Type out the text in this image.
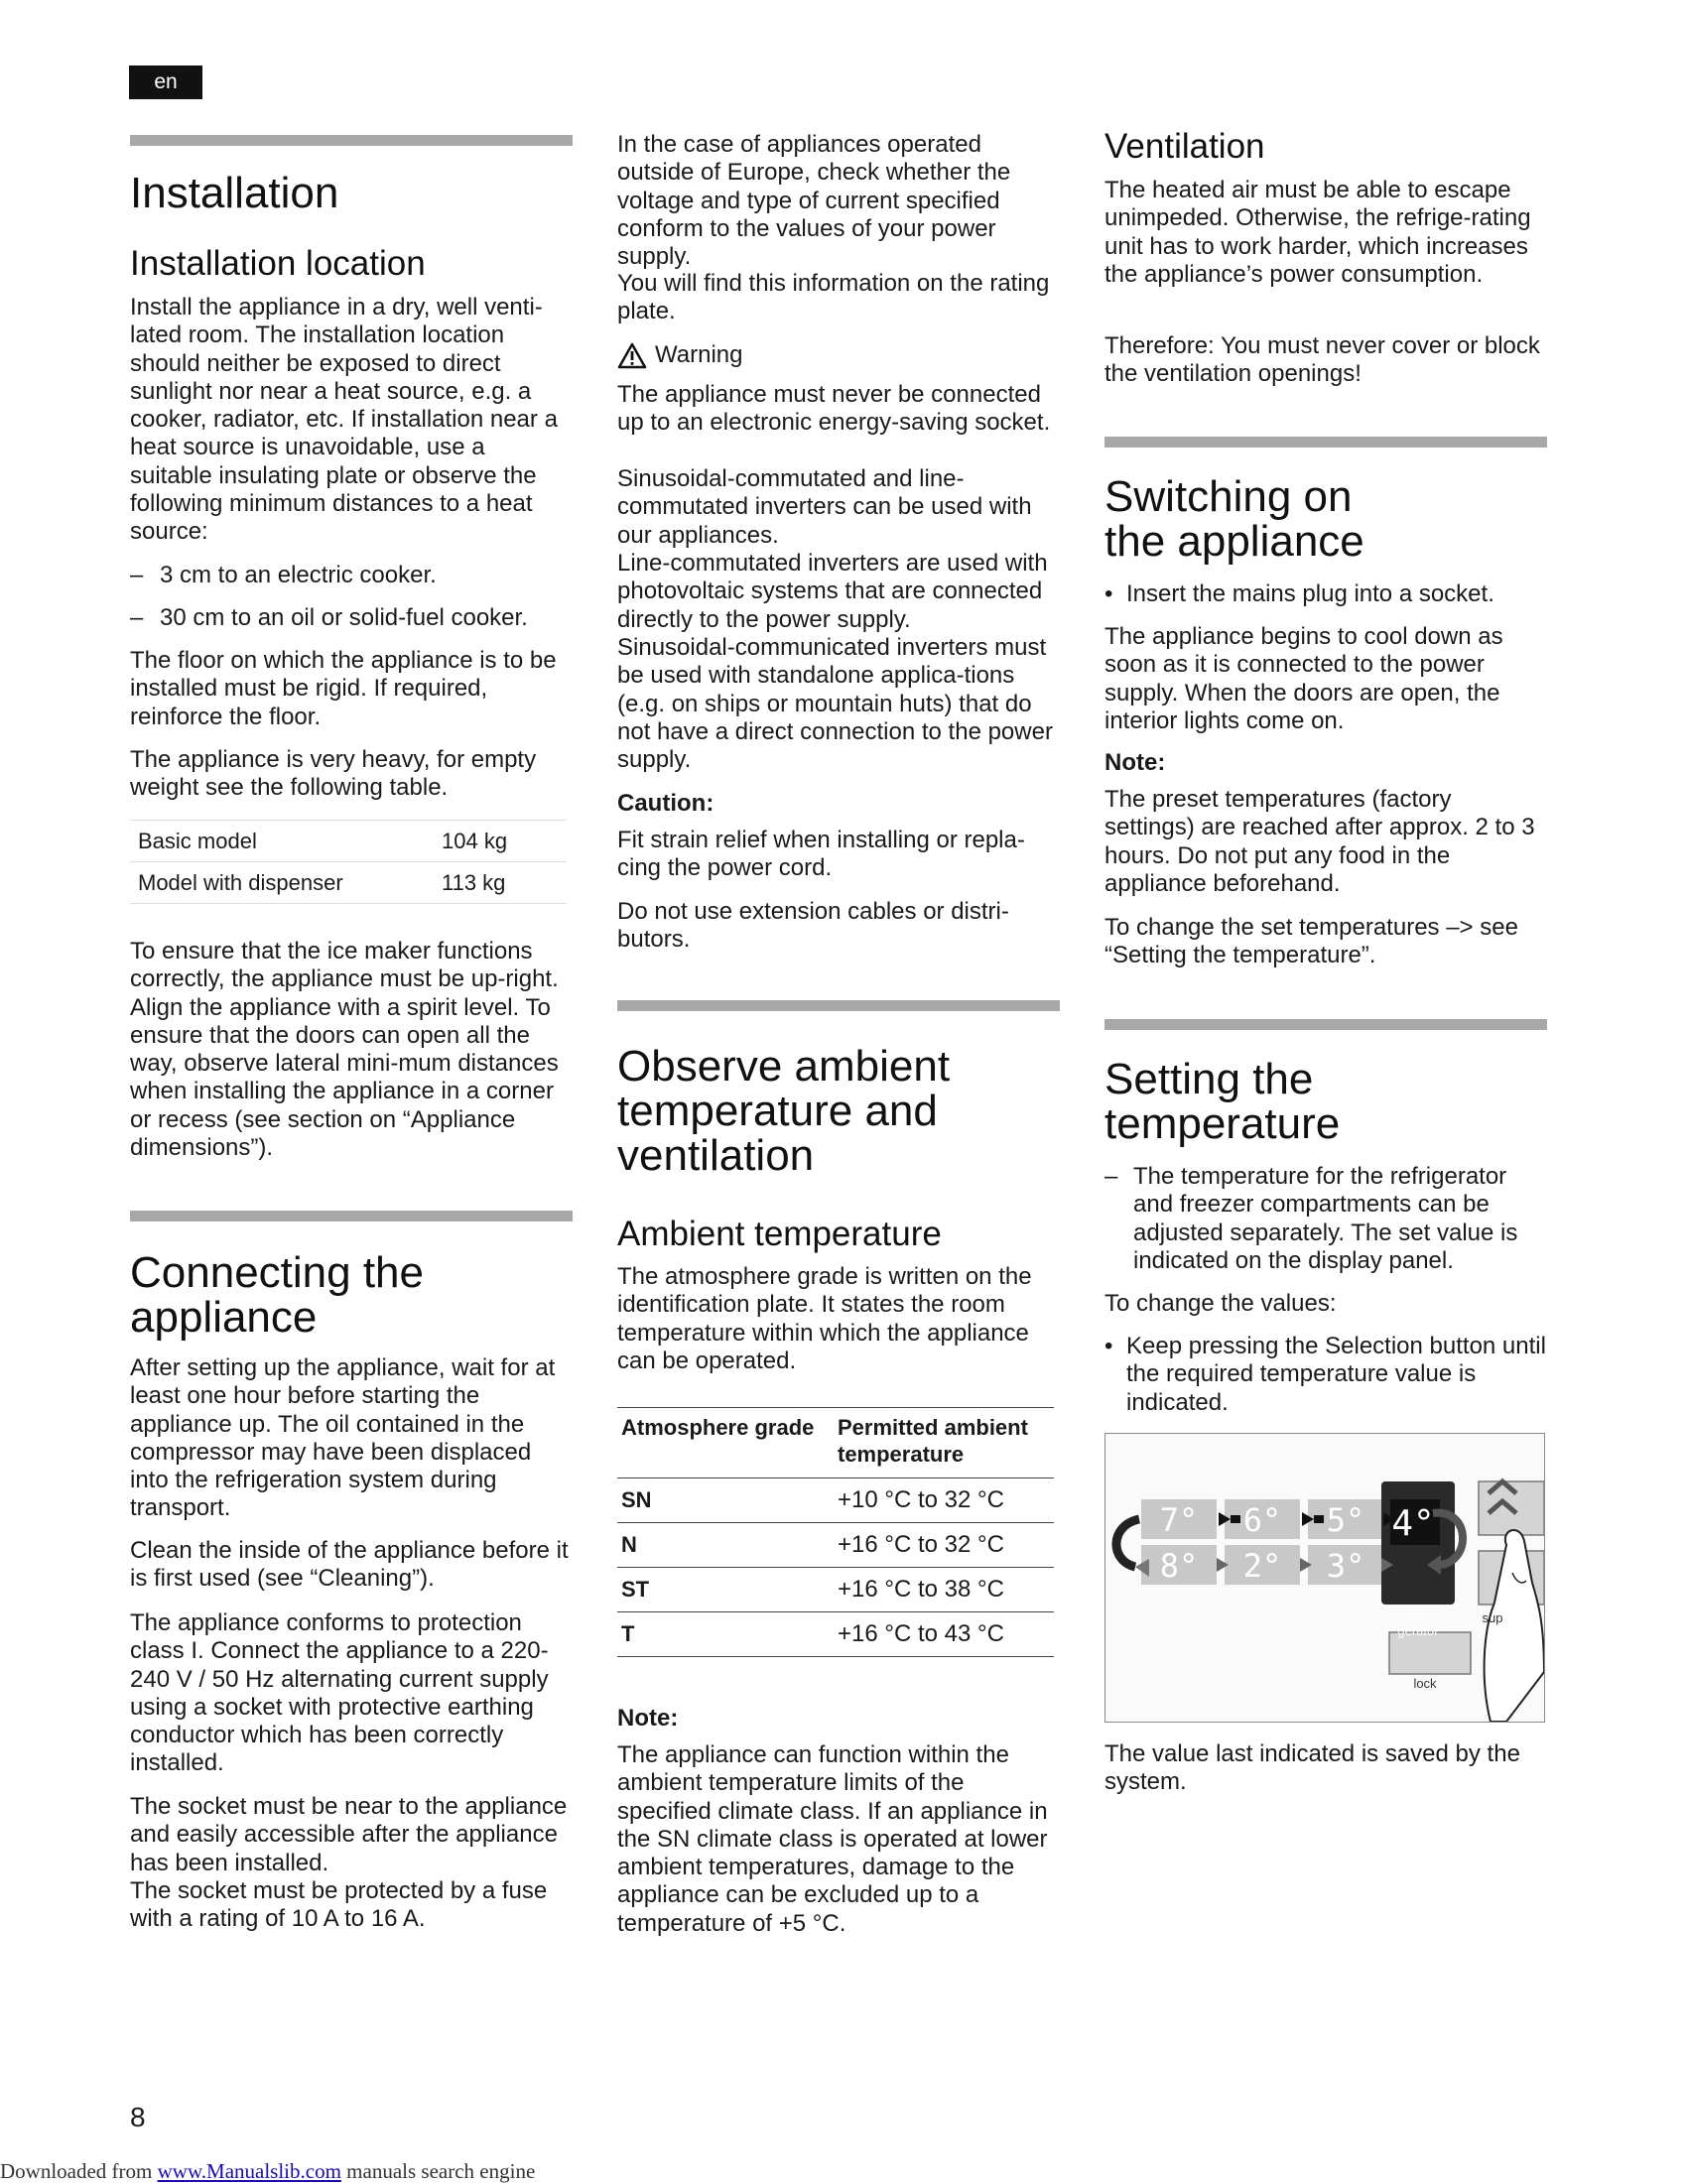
en
Installation
Installation location

Install the appliance in a dry, well venti-lated room. The installation location should neither be exposed to direct sunlight nor near a heat source, e.g. a cooker, radiator, etc. If installation near a heat source is unavoidable, use a suitable insulating plate or observe the following minimum distances to a heat source:

– 3 cm to an electric cooker.
– 30 cm to an oil or solid-fuel cooker.

The floor on which the appliance is to be installed must be rigid. If required, reinforce the floor.

The appliance is very heavy, for empty weight see the following table.

Basic model	104 kg
Model with dispenser	113 kg

To ensure that the ice maker functions correctly, the appliance must be up-right. Align the appliance with a spirit level. To ensure that the doors can open all the way, observe lateral mini-mum distances when installing the appliance in a corner or recess (see section on “Appliance dimensions”).

Connecting the
appliance

After setting up the appliance, wait for at least one hour before starting the appliance up. The oil contained in the compressor may have been displaced into the refrigeration system during transport.

Clean the inside of the appliance before it is first used (see “Cleaning”).

The appliance conforms to protection class I. Connect the appliance to a 220-240 V / 50 Hz alternating current supply using a socket with protective earthing conductor which has been correctly installed.

The socket must be near to the appliance and easily accessible after the appliance has been installed.

The socket must be protected by a fuse with a rating of 10 A to 16 A.

In the case of appliances operated outside of Europe, check whether the voltage and type of current specified conform to the values of your power supply.

You will find this information on the rating plate.

Warning

The appliance must never be connected up to an electronic energy-saving socket.

Sinusoidal-commutated and line-commutated inverters can be used with our appliances.

Line-commutated inverters are used with photovoltaic systems that are connected directly to the power supply.

Sinusoidal-communicated inverters must be used with standalone applica-tions (e.g. on ships or mountain huts) that do not have a direct connection to the power supply.

Caution:

Fit strain relief when installing or repla-cing the power cord.

Do not use extension cables or distri-butors.

Observe ambient
temperature and
ventilation
Ambient temperature

The atmosphere grade is written on the identification plate. It states the room temperature within which the appliance can be operated.

Atmosphere grade	Permitted ambient temperature
SN	+10 °C to 32 °C
N	+16 °C to 32 °C
ST	+16 °C to 38 °C
T	+16 °C to 43 °C

Note:

The appliance can function within the ambient temperature limits of the specified climate class. If an appliance in the SN climate class is operated at lower ambient temperatures, damage to the appliance can be excluded up to a temperature of +5 °C.

Ventilation

The heated air must be able to escape unimpeded. Otherwise, the refrige-rating unit has to work harder, which increases the appliance’s power consumption.

Therefore: You must never cover or block the ventilation openings!

Switching on
the appliance
• Insert the mains plug into a socket.

The appliance begins to cool down as soon as it is connected to the power supply. When the doors are open, the interior lights come on.

Note:

The preset temperatures (factory settings) are reached after approx. 2 to 3 hours. Do not put any food in the appliance beforehand.

To change the set temperatures –> see “Setting the temperature”.

Setting the
temperature
– The temperature for the refrigerator and freezer compartments can be adjusted separately. The set value is indicated on the display panel.

To change the values:

• Keep pressing the Selection button until the required temperature value is indicated.

The value last indicated is saved by the system.

7° 6° 5°
8° 2° 3°
4°
refri-
gerator
sup
lock
8
Downloaded from www.Manualslib.com manuals search engine
